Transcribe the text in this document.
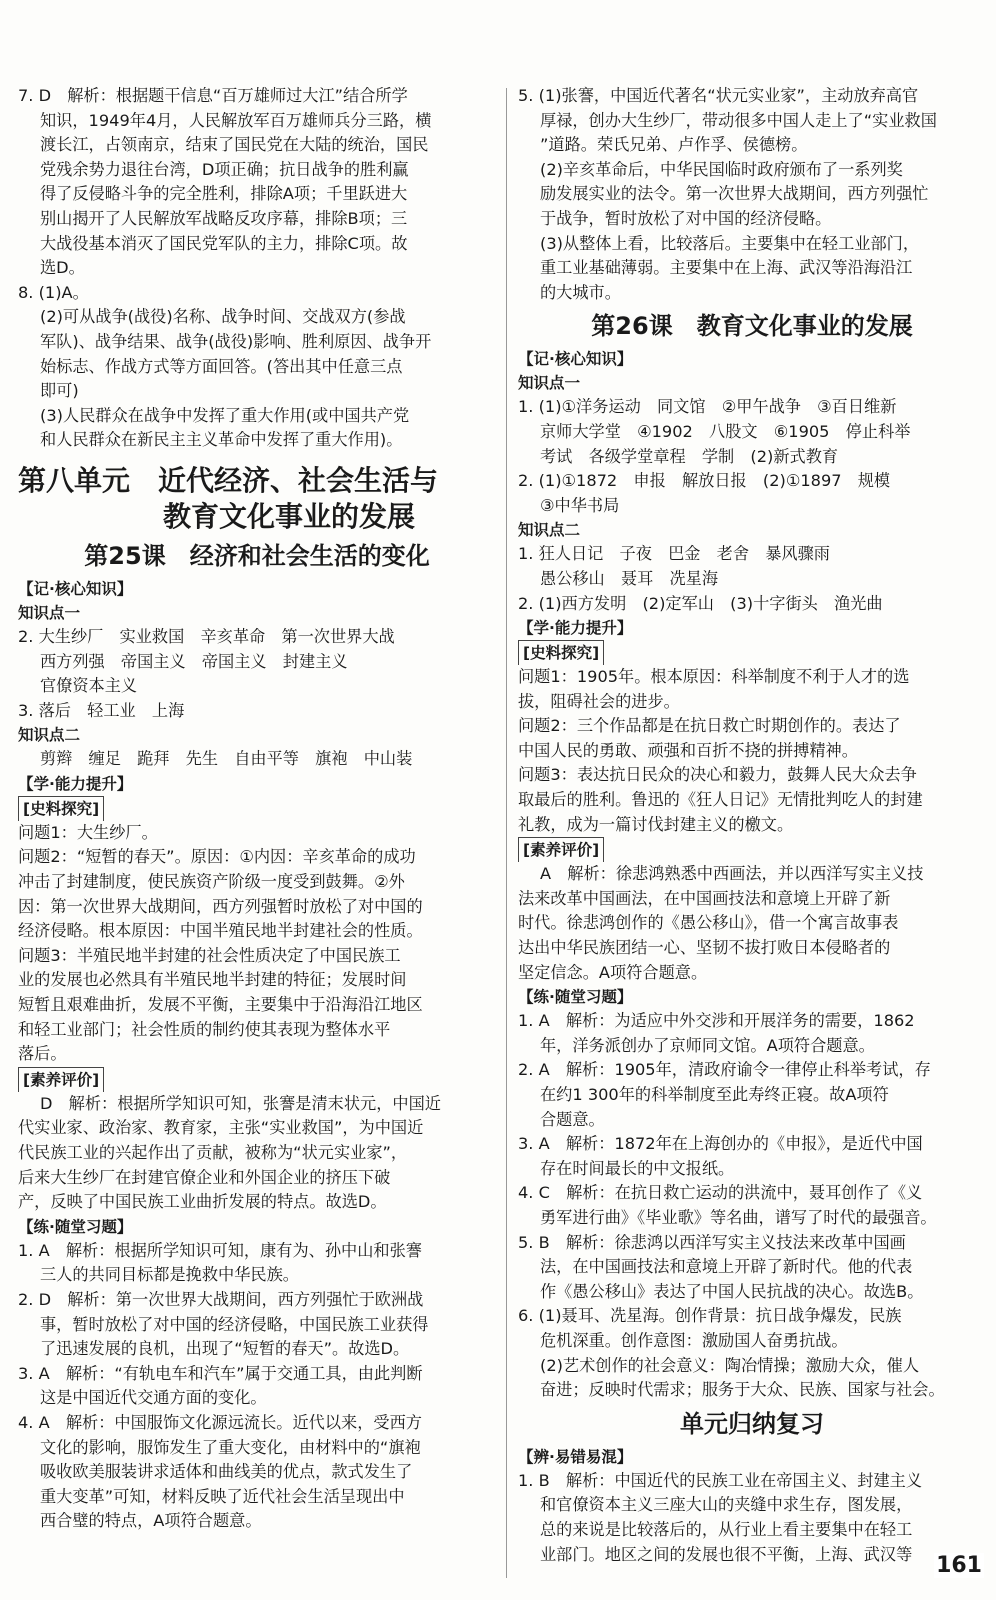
7. D　解析：根据题干信息“百万雄师过大江”结合所学

知识，1949年4月，人民解放军百万雄师兵分三路，横

渡长江，占领南京，结束了国民党在大陆的统治，国民

党残余势力退往台湾，D项正确；抗日战争的胜利赢

得了反侵略斗争的完全胜利，排除A项；千里跃进大

别山揭开了人民解放军战略反攻序幕，排除B项；三

大战役基本消灭了国民党军队的主力，排除C项。故

选D。

8. (1)A。

(2)可从战争(战役)名称、战争时间、交战双方(参战

军队)、战争结果、战争(战役)影响、胜利原因、战争开

始标志、作战方式等方面回答。(答出其中任意三点

即可)

(3)人民群众在战争中发挥了重大作用(或中国共产党

和人民群众在新民主主义革命中发挥了重大作用)。

第八单元　近代经济、社会生活与
教育文化事业的发展
第25课　经济和社会生活的变化
【记·核心知识】
知识点一

2. 大生纱厂　实业救国　辛亥革命　第一次世界大战

西方列强　帝国主义　帝国主义　封建主义

官僚资本主义

3. 落后　轻工业　上海

知识点二

剪辫　缠足　跪拜　先生　自由平等　旗袍　中山装

【学·能力提升】
[史料探究]

问题1：大生纱厂。

问题2：“短暂的春天”。原因：①内因：辛亥革命的成功

冲击了封建制度，使民族资产阶级一度受到鼓舞。②外

因：第一次世界大战期间，西方列强暂时放松了对中国的

经济侵略。根本原因：中国半殖民地半封建社会的性质。

问题3：半殖民地半封建的社会性质决定了中国民族工

业的发展也必然具有半殖民地半封建的特征；发展时间

短暂且艰难曲折，发展不平衡，主要集中于沿海沿江地区

和轻工业部门；社会性质的制约使其表现为整体水平

落后。

[素养评价]

D　解析：根据所学知识可知，张謇是清末状元，中国近

代实业家、政治家、教育家，主张“实业救国”，为中国近

代民族工业的兴起作出了贡献，被称为“状元实业家”，

后来大生纱厂在封建官僚企业和外国企业的挤压下破

产，反映了中国民族工业曲折发展的特点。故选D。

【练·随堂习题】

1. A　解析：根据所学知识可知，康有为、孙中山和张謇

三人的共同目标都是挽救中华民族。

2. D　解析：第一次世界大战期间，西方列强忙于欧洲战

事，暂时放松了对中国的经济侵略，中国民族工业获得

了迅速发展的良机，出现了“短暂的春天”。故选D。

3. A　解析：“有轨电车和汽车”属于交通工具，由此判断

这是中国近代交通方面的变化。

4. A　解析：中国服饰文化源远流长。近代以来，受西方

文化的影响，服饰发生了重大变化，由材料中的“旗袍

吸收欧美服装讲求适体和曲线美的优点，款式发生了

重大变革”可知，材料反映了近代社会生活呈现出中

西合璧的特点，A项符合题意。

5. (1)张謇，中国近代著名“状元实业家”，主动放弃高官

厚禄，创办大生纱厂，带动很多中国人走上了“实业救国

”道路。荣氏兄弟、卢作孚、侯德榜。

(2)辛亥革命后，中华民国临时政府颁布了一系列奖

励发展实业的法令。第一次世界大战期间，西方列强忙

于战争，暂时放松了对中国的经济侵略。

(3)从整体上看，比较落后。主要集中在轻工业部门，

重工业基础薄弱。主要集中在上海、武汉等沿海沿江

的大城市。

第26课　教育文化事业的发展
【记·核心知识】
知识点一

1. (1)①洋务运动　同文馆　②甲午战争　③百日维新

京师大学堂　④1902　八股文　⑥1905　停止科举

考试　各级学堂章程　学制　(2)新式教育

2. (1)①1872　申报　解放日报　(2)①1897　规模

③中华书局

知识点二

1. 狂人日记　子夜　巴金　老舍　暴风骤雨

愚公移山　聂耳　冼星海

2. (1)西方发明　(2)定军山　(3)十字街头　渔光曲

【学·能力提升】
[史料探究]

问题1：1905年。根本原因：科举制度不利于人才的选

拔，阻碍社会的进步。

问题2：三个作品都是在抗日救亡时期创作的。表达了

中国人民的勇敢、顽强和百折不挠的拼搏精神。

问题3：表达抗日民众的决心和毅力，鼓舞人民大众去争

取最后的胜利。鲁迅的《狂人日记》无情批判吃人的封建

礼教，成为一篇讨伐封建主义的檄文。

[素养评价]

A　解析：徐悲鸿熟悉中西画法，并以西洋写实主义技

法来改革中国画法，在中国画技法和意境上开辟了新

时代。徐悲鸿创作的《愚公移山》，借一个寓言故事表

达出中华民族团结一心、坚韧不拔打败日本侵略者的

坚定信念。A项符合题意。

【练·随堂习题】

1. A　解析：为适应中外交涉和开展洋务的需要，1862

年，洋务派创办了京师同文馆。A项符合题意。

2. A　解析：1905年，清政府谕令一律停止科举考试，存

在约1 300年的科举制度至此寿终正寝。故A项符

合题意。

3. A　解析：1872年在上海创办的《申报》，是近代中国

存在时间最长的中文报纸。

4. C　解析：在抗日救亡运动的洪流中，聂耳创作了《义

勇军进行曲》《毕业歌》等名曲，谱写了时代的最强音。

5. B　解析：徐悲鸿以西洋写实主义技法来改革中国画

法，在中国画技法和意境上开辟了新时代。他的代表

作《愚公移山》表达了中国人民抗战的决心。故选B。

6. (1)聂耳、冼星海。创作背景：抗日战争爆发，民族

危机深重。创作意图：激励国人奋勇抗战。

(2)艺术创作的社会意义：陶冶情操；激励大众，催人

奋进；反映时代需求；服务于大众、民族、国家与社会。

单元归纳复习
【辨·易错易混】

1. B　解析：中国近代的民族工业在帝国主义、封建主义

和官僚资本主义三座大山的夹缝中求生存，图发展，

总的来说是比较落后的，从行业上看主要集中在轻工

业部门。地区之间的发展也很不平衡，上海、武汉等	161
